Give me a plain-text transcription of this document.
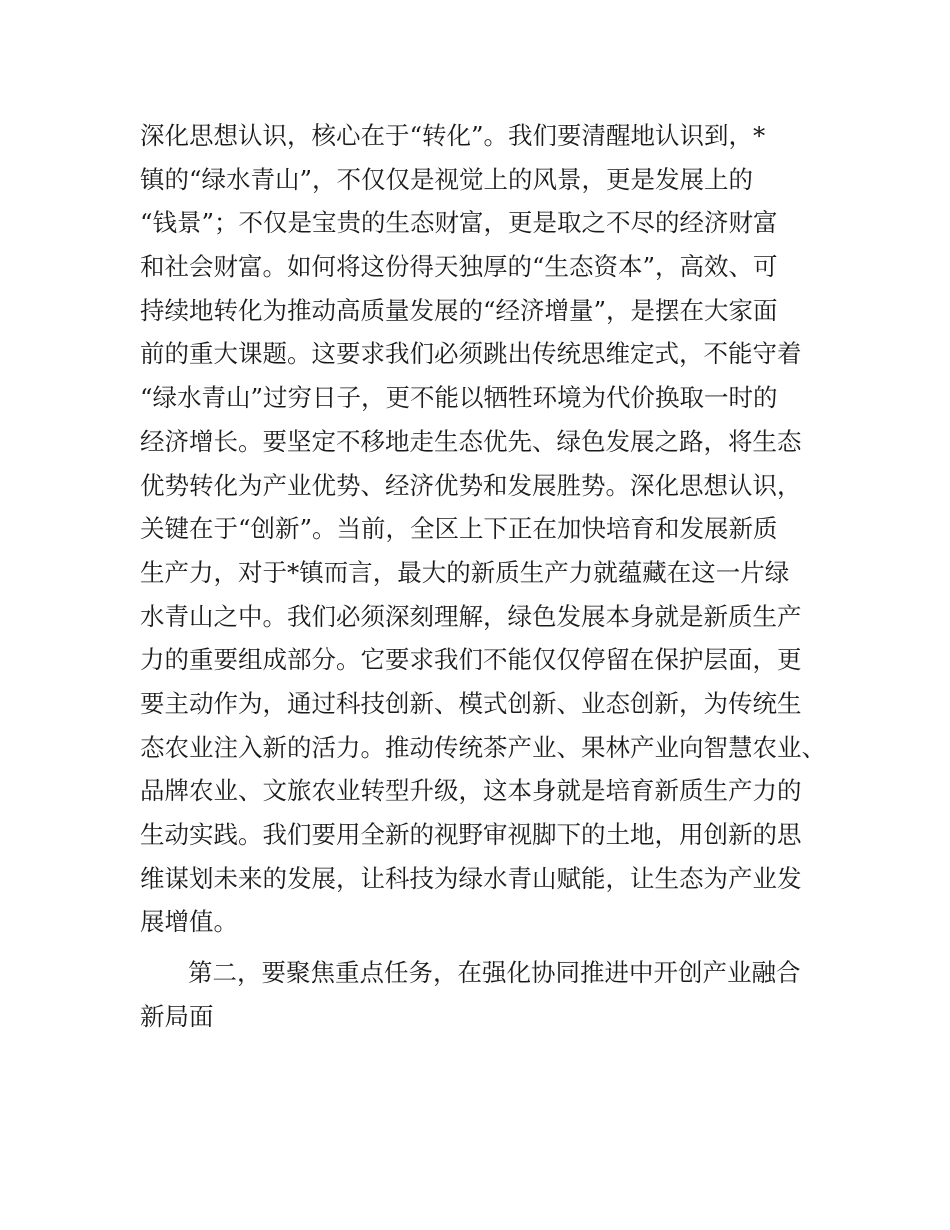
深化思想认识，核心在于“转化”。我们要清醒地认识到，*
镇的“绿水青山”，不仅仅是视觉上的风景，更是发展上的
“钱景”；不仅是宝贵的生态财富，更是取之不尽的经济财富
和社会财富。如何将这份得天独厚的“生态资本”，高效、可
持续地转化为推动高质量发展的“经济增量”，是摆在大家面
前的重大课题。这要求我们必须跳出传统思维定式，不能守着
“绿水青山”过穷日子，更不能以牺牲环境为代价换取一时的
经济增长。要坚定不移地走生态优先、绿色发展之路，将生态
优势转化为产业优势、经济优势和发展胜势。深化思想认识，
关键在于“创新”。当前，全区上下正在加快培育和发展新质
生产力，对于*镇而言，最大的新质生产力就蕴藏在这一片绿
水青山之中。我们必须深刻理解，绿色发展本身就是新质生产
力的重要组成部分。它要求我们不能仅仅停留在保护层面，更
要主动作为，通过科技创新、模式创新、业态创新，为传统生
态农业注入新的活力。推动传统茶产业、果林产业向智慧农业、
品牌农业、文旅农业转型升级，这本身就是培育新质生产力的
生动实践。我们要用全新的视野审视脚下的土地，用创新的思
维谋划未来的发展，让科技为绿水青山赋能，让生态为产业发
展增值。
第二，要聚焦重点任务，在强化协同推进中开创产业融合
新局面
